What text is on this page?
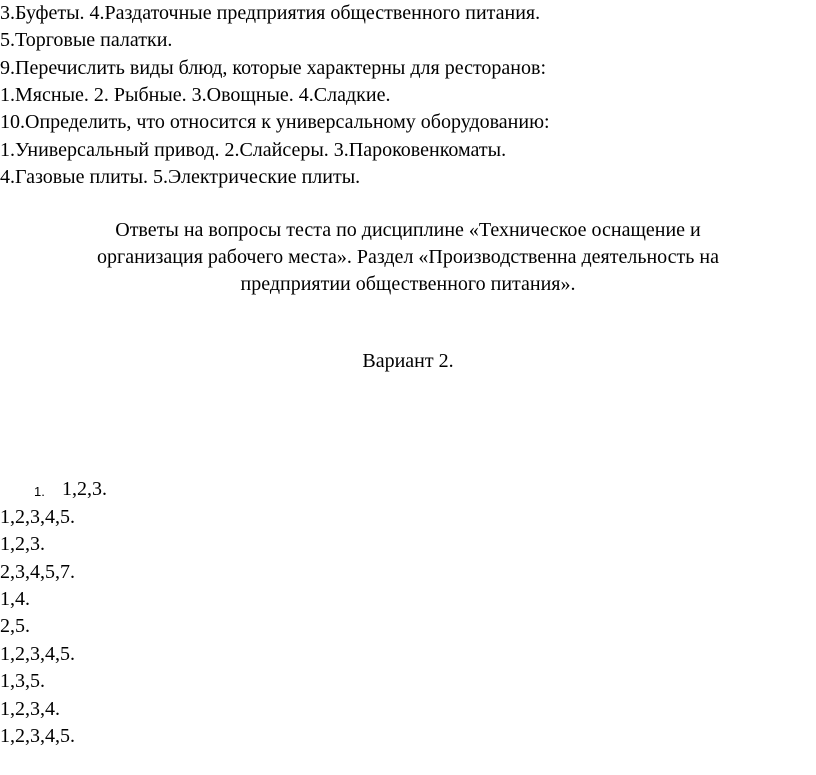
3.Буфеты. 4.Раздаточные предприятия общественного питания.
5.Торговые палатки.
9.Перечислить виды блюд, которые характерны для ресторанов:
1.Мясные. 2. Рыбные. 3.Овощные. 4.Сладкие.
10.Определить, что относится к универсальному оборудованию:
1.Универсальный привод. 2.Слайсеры. 3.Пароковенкоматы.
4.Газовые плиты. 5.Электрические плиты.
Ответы на вопросы теста по дисциплине «Техническое оснащение и
организация рабочего места». Раздел «Производственна деятельность на
предприятии общественного питания».
Вариант 2.
1. 1,2,3.
1,2,3,4,5.
1,2,3.
2,3,4,5,7.
1,4.
2,5.
1,2,3,4,5.
1,3,5.
1,2,3,4.
1,2,3,4,5.
